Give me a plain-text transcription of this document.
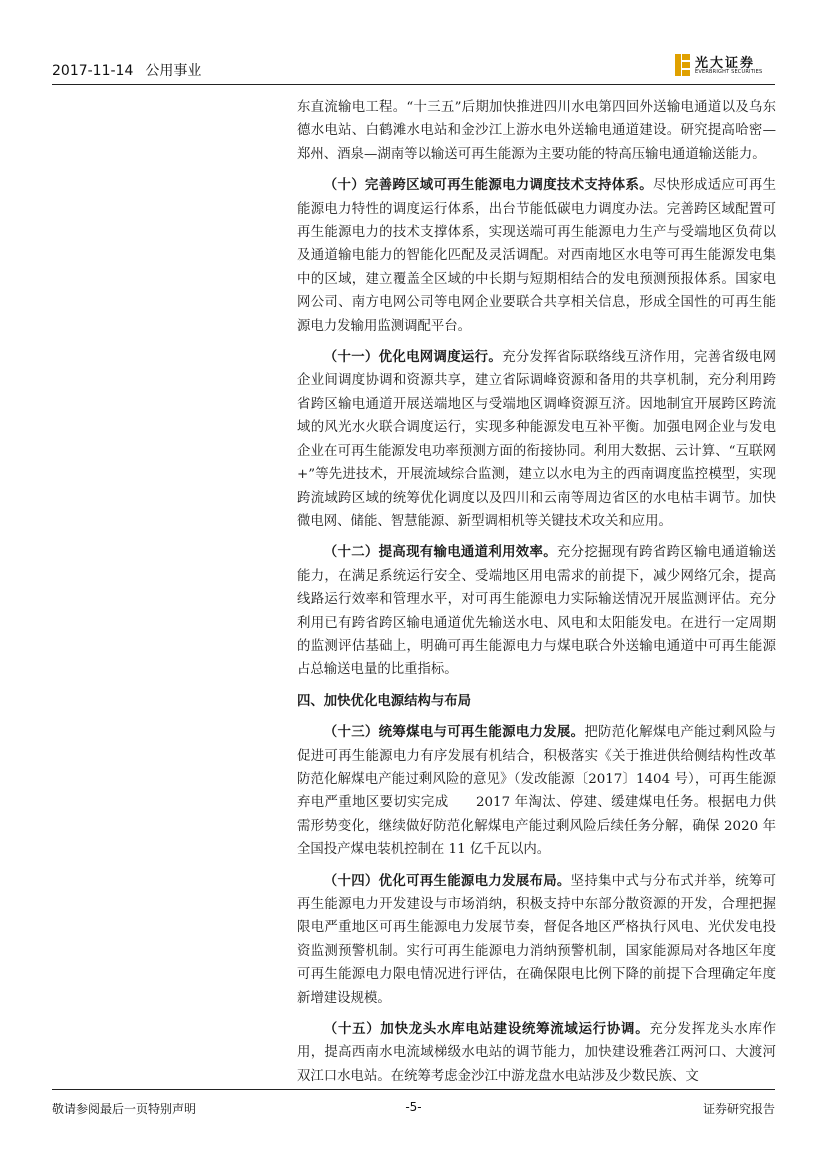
2017-11-14 公用事业	光大证券
EVERBRIGHT SECURITIES

东直流输电工程。“十三五”后期加快推进四川水电第四回外送输电通道以及乌东德水电站、白鹤滩水电站和金沙江上游水电外送输电通道建设。研究提高哈密—郑州、酒泉—湖南等以输送可再生能源为主要功能的特高压输电通道输送能力。

（十）完善跨区域可再生能源电力调度技术支持体系。尽快形成适应可再生能源电力特性的调度运行体系，出台节能低碳电力调度办法。完善跨区域配置可再生能源电力的技术支撑体系，实现送端可再生能源电力生产与受端地区负荷以及通道输电能力的智能化匹配及灵活调配。对西南地区水电等可再生能源发电集中的区域，建立覆盖全区域的中长期与短期相结合的发电预测预报体系。国家电网公司、南方电网公司等电网企业要联合共享相关信息，形成全国性的可再生能源电力发输用监测调配平台。

（十一）优化电网调度运行。充分发挥省际联络线互济作用，完善省级电网企业间调度协调和资源共享，建立省际调峰资源和备用的共享机制，充分利用跨省跨区输电通道开展送端地区与受端地区调峰资源互济。因地制宜开展跨区跨流域的风光水火联合调度运行，实现多种能源发电互补平衡。加强电网企业与发电企业在可再生能源发电功率预测方面的衔接协同。利用大数据、云计算、“互联网+”等先进技术，开展流域综合监测，建立以水电为主的西南调度监控模型，实现跨流域跨区域的统筹优化调度以及四川和云南等周边省区的水电枯丰调节。加快微电网、储能、智慧能源、新型调相机等关键技术攻关和应用。

（十二）提高现有输电通道利用效率。充分挖掘现有跨省跨区输电通道输送能力，在满足系统运行安全、受端地区用电需求的前提下，减少网络冗余，提高线路运行效率和管理水平，对可再生能源电力实际输送情况开展监测评估。充分利用已有跨省跨区输电通道优先输送水电、风电和太阳能发电。在进行一定周期的监测评估基础上，明确可再生能源电力与煤电联合外送输电通道中可再生能源占总输送电量的比重指标。

四、加快优化电源结构与布局

（十三）统筹煤电与可再生能源电力发展。把防范化解煤电产能过剩风险与促进可再生能源电力有序发展有机结合，积极落实《关于推进供给侧结构性改革防范化解煤电产能过剩风险的意见》（发改能源〔2017〕1404 号），可再生能源弃电严重地区要切实完成　　2017 年淘汰、停建、缓建煤电任务。根据电力供需形势变化，继续做好防范化解煤电产能过剩风险后续任务分解，确保 2020 年全国投产煤电装机控制在 11 亿千瓦以内。

（十四）优化可再生能源电力发展布局。坚持集中式与分布式并举，统筹可再生能源电力开发建设与市场消纳，积极支持中东部分散资源的开发，合理把握限电严重地区可再生能源电力发展节奏，督促各地区严格执行风电、光伏发电投资监测预警机制。实行可再生能源电力消纳预警机制，国家能源局对各地区年度可再生能源电力限电情况进行评估，在确保限电比例下降的前提下合理确定年度新增建设规模。

（十五）加快龙头水库电站建设统筹流域运行协调。充分发挥龙头水库作用，提高西南水电流域梯级水电站的调节能力，加快建设雅砻江两河口、大渡河双江口水电站。在统筹考虑金沙江中游龙盘水电站涉及少数民族、文

敬请参阅最后一页特别声明	-5-	证券研究报告
